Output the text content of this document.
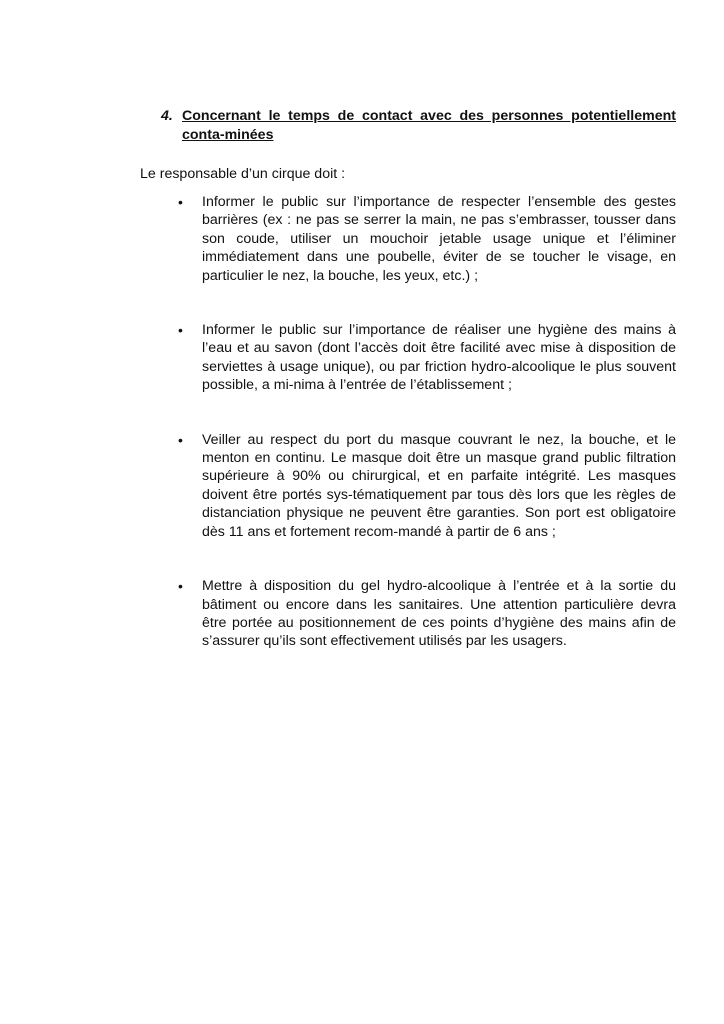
4. Concernant le temps de contact avec des personnes potentiellement conta-minées
Le responsable d’un cirque doit :
•	Informer le public sur l’importance de respecter l’ensemble des gestes barrières (ex : ne pas se serrer la main, ne pas s’embrasser, tousser dans son coude, utiliser un mouchoir jetable usage unique et l’éliminer immédiatement dans une poubelle, éviter de se toucher le visage, en particulier le nez, la bouche, les yeux, etc.) ;
•	Informer le public sur l’importance de réaliser une hygiène des mains à l’eau et au savon (dont l’accès doit être facilité avec mise à disposition de serviettes à usage unique), ou par friction hydro-alcoolique le plus souvent possible, a mi-nima à l’entrée de l’établissement ;
•	Veiller au respect du port du masque couvrant le nez, la bouche, et le menton en continu. Le masque doit être un masque grand public filtration supérieure à 90% ou chirurgical, et en parfaite intégrité. Les masques doivent être portés sys-tématiquement par tous dès lors que les règles de distanciation physique ne peuvent être garanties. Son port est obligatoire dès 11 ans et fortement recom-mandé à partir de 6 ans ;
•	Mettre à disposition du gel hydro-alcoolique à l’entrée et à la sortie du bâtiment ou encore dans les sanitaires. Une attention particulière devra être portée au positionnement de ces points d’hygiène des mains afin de s’assurer qu’ils sont effectivement utilisés par les usagers.
